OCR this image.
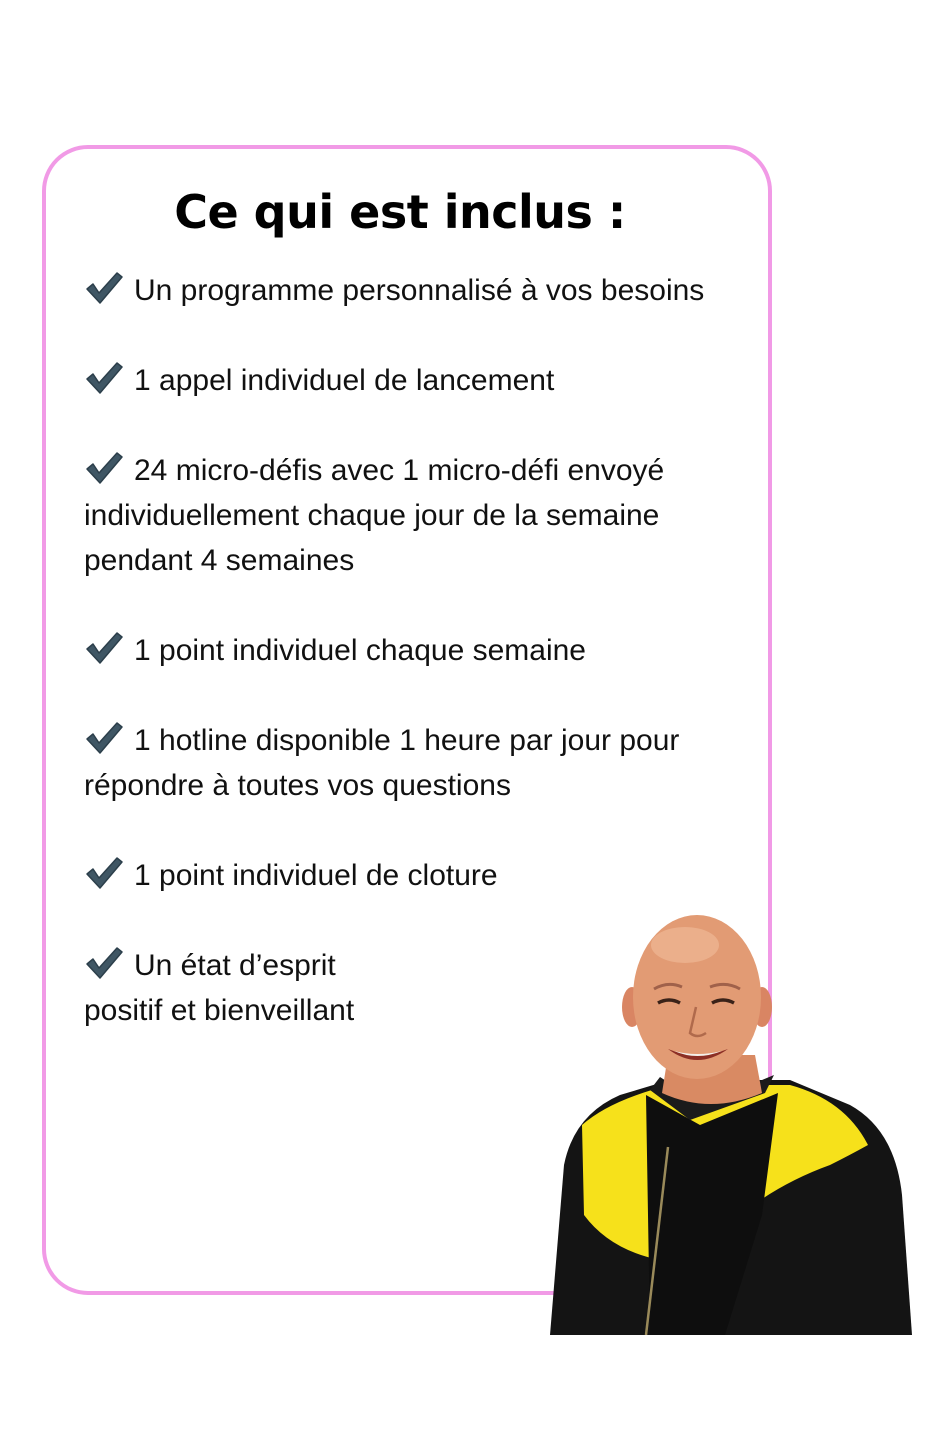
Ce qui est inclus :
Un programme personnalisé à vos besoins
1 appel individuel de lancement
24 micro-défis avec 1 micro-défi envoyé individuellement chaque jour de la semaine pendant 4 semaines
1 point individuel chaque semaine
1 hotline disponible 1 heure par jour pour répondre à toutes vos questions
1 point individuel de cloture
Un état d’esprit
positif et bienveillant
